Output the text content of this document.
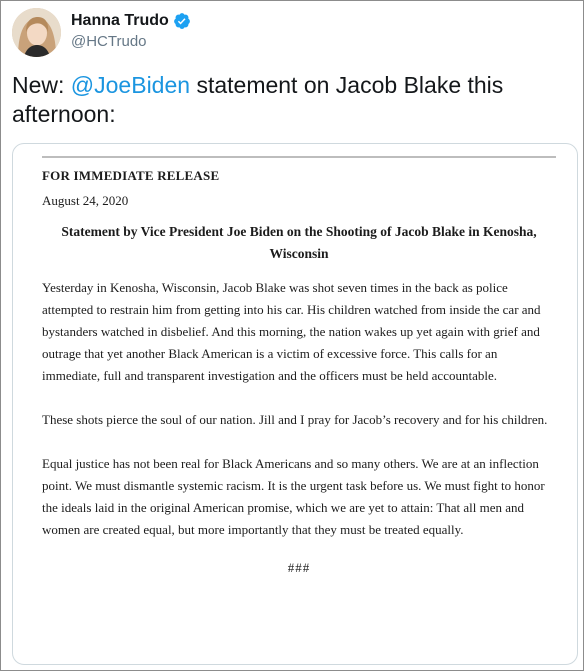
Hanna Trudo
@HCTrudo
New: @JoeBiden statement on Jacob Blake this afternoon:
FOR IMMEDIATE RELEASE
August 24, 2020
Statement by Vice President Joe Biden on the Shooting of Jacob Blake in Kenosha, Wisconsin
Yesterday in Kenosha, Wisconsin, Jacob Blake was shot seven times in the back as police attempted to restrain him from getting into his car. His children watched from inside the car and bystanders watched in disbelief. And this morning, the nation wakes up yet again with grief and outrage that yet another Black American is a victim of excessive force. This calls for an immediate, full and transparent investigation and the officers must be held accountable.
These shots pierce the soul of our nation. Jill and I pray for Jacob’s recovery and for his children.
Equal justice has not been real for Black Americans and so many others. We are at an inflection point. We must dismantle systemic racism. It is the urgent task before us. We must fight to honor the ideals laid in the original American promise, which we are yet to attain: That all men and women are created equal, but more importantly that they must be treated equally.
###
